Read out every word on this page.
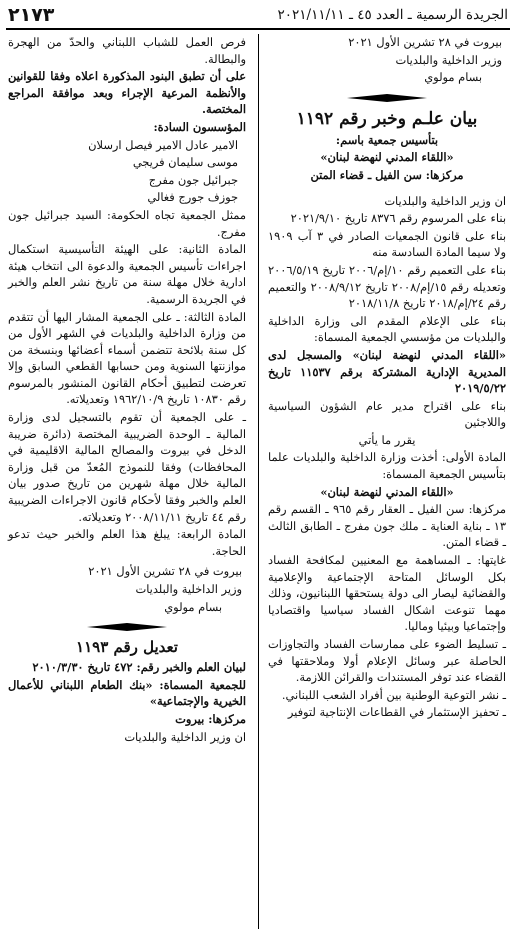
٢١٧٣	الجريدة الرسمية ـ العدد ٤٥ ـ ٢٠٢١/١١/١١

بيروت في ٢٨ تشرين الأول ٢٠٢١

وزير الداخلية والبلديات

بسام مولوي

بيان علـم وخبر رقم ١١٩٢

بتأسيس جمعية باسم:

«اللقاء المدني لنهضة لبنان»

مركزها: سن الفيل ـ قضاء المتن

ان وزير الداخلية والبلديات

بناء على المرسوم رقم ٨٣٧٦ تاريخ ٢٠٢١/٩/١٠

بناء على قانون الجمعيات الصادر في ٣ آب ١٩٠٩ ولا سيما المادة السادسة منه

بناء على التعميم رقم ١٠/إم/٢٠٠٦ تاريخ ٢٠٠٦/٥/١٩ وتعديله رقم ١٥/إم/٢٠٠٨ تاريخ ٢٠٠٨/٩/١٢ والتعميم رقم ٢٤/إم/٢٠١٨ تاريخ ٢٠١٨/١١/٨

بناء على الإعلام المقدم الى وزارة الداخلية والبلديات من مؤسسي الجمعية المسماة:

«اللقاء المدني لنهضة لبنان» والمسجل لدى المديرية الإدارية المشتركة برقم ١١٥٣٧ تاريخ ٢٠١٩/٥/٢٢

بناء على اقتراح مدير عام الشؤون السياسية واللاجئين

يقرر ما يأتي

المادة الأولى: أخذت وزارة الداخلية والبلديات علما بتأسيس الجمعية المسماة:

«اللقاء المدني لنهضة لبنان»

مركزها: سن الفيل ـ العقار رقم ٩٦٥ ـ القسم رقم ١٣ ـ بناية العناية ـ ملك جون مفرج ـ الطابق الثالث ـ قضاء المتن.

غايتها: ـ المساهمة مع المعنيين لمكافحة الفساد بكل الوسائل المتاحة الإجتماعية والإعلامية والقضائية ليصار الى دولة يستحقها اللبنانيون، وذلك مهما تنوعت اشكال الفساد سياسيا واقتصاديا وإجتماعيا وبيئيا وماليا.

ـ تسليط الضوء على ممارسات الفساد والتجاوزات الحاصلة عبر وسائل الإعلام أولا وملاحقتها في القضاء عند توفر المستندات والقرائن اللازمة.

ـ نشر التوعية الوطنية بين أفراد الشعب اللبناني.

ـ تحفيز الإستثمار في القطاعات الإنتاجية لتوفير

فرص العمل للشباب اللبناني والحدّ من الهجرة والبطالة.

على أن تطبق البنود المذكورة اعلاه وفقا للقوانين والأنظمة المرعية الإجراء وبعد موافقة المراجع المختصة.

المؤسسون السادة:

الامير عادل الامير فيصل ارسلان

موسى سليمان فريجي

جبرائيل جون مفرج

جوزف جورج فغالي

ممثل الجمعية تجاه الحكومة: السيد جبرائيل جون مفرج.

المادة الثانية: على الهيئة التأسيسية استكمال اجراءات تأسيس الجمعية والدعوة الى انتخاب هيئة ادارية خلال مهلة سنة من تاريخ نشر العلم والخبر في الجريدة الرسمية.

المادة الثالثة: ـ على الجمعية المشار اليها أن تتقدم من وزارة الداخلية والبلديات في الشهر الأول من كل سنة بلائحة تتضمن أسماء أعضائها وبنسخة من موازنتها السنوية ومن حسابها القطعي السابق وإلا تعرضت لتطبيق أحكام القانون المنشور بالمرسوم رقم ١٠٨٣٠ تاريخ ١٩٦٢/١٠/٩ وتعديلاته.

ـ على الجمعية أن تقوم بالتسجيل لدى وزارة المالية ـ الوحدة الضريبية المختصة (دائرة ضريبة الدخل في بيروت والمصالح المالية الاقليمية في المحافظات) وفقا للنموذج المُعدّ من قبل وزارة المالية خلال مهلة شهرين من تاريخ صدور بيان العلم والخبر وفقا لأحكام قانون الاجراءات الضريبية رقم ٤٤ تاريخ ٢٠٠٨/١١/١١ وتعديلاته.

المادة الرابعة: يبلغ هذا العلم والخبر حيث تدعو الحاجة.

بيروت في ٢٨ تشرين الأول ٢٠٢١

وزير الداخلية والبلديات

بسام مولوي

تعديل رقم ١١٩٣

لبيان العلم والخبر رقم: ٤٧٢ تاريخ ٢٠١٠/٣/٣٠

للجمعية المسماة: «بنك الطعام اللبناني للأعمال الخيرية والإجتماعية»

مركزها: بيروت

ان وزير الداخلية والبلديات
